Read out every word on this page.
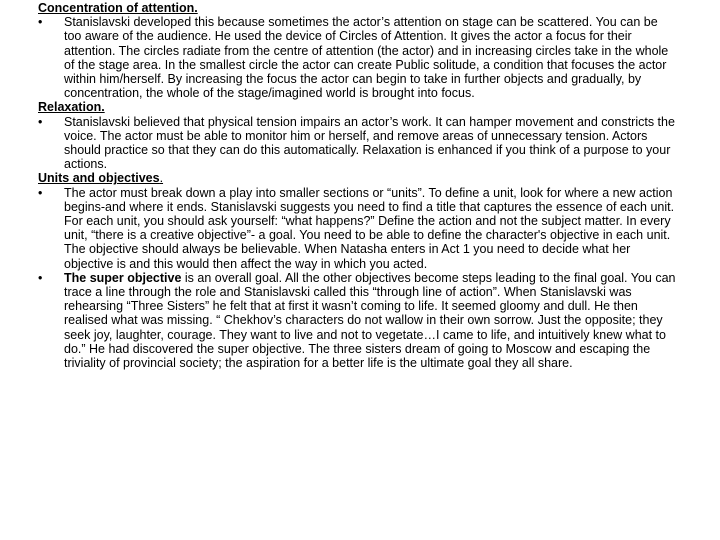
Concentration of attention.

•	Stanislavski developed this because sometimes the actor’s attention on stage can be scattered. You can be too aware of the audience. He used the device of Circles of Attention. It gives the actor a focus for their attention. The circles radiate from the centre of attention (the actor) and in increasing circles take in the whole of the stage area. In the smallest circle the actor can create Public solitude, a condition that focuses the actor within him/herself. By increasing the focus the actor can begin to take in further objects and gradually, by concentration, the whole of the stage/imagined world is brought into focus.

Relaxation.

•	Stanislavski believed that physical tension impairs an actor’s work. It can hamper movement and constricts the voice. The actor must be able to monitor him or herself, and remove areas of unnecessary tension. Actors should practice so that they can do this automatically. Relaxation is enhanced if you think of a purpose to your actions.

Units and objectives.

•	The actor must break down a play into smaller sections or “units”. To define a unit, look for where a new action begins-and where it ends. Stanislavski suggests you need to find a title that captures the essence of each unit. For each unit, you should ask yourself: “what happens?” Define the action and not the subject matter. In every unit, “there is a creative objective”- a goal. You need to be able to define the character's objective in each unit. The objective should always be believable. When Natasha enters in Act 1 you need to decide what her objective is and this would then affect the way in which you acted.
•	The super objective is an overall goal. All the other objectives become steps leading to the final goal. You can trace a line through the role and Stanislavski called this “through line of action”. When Stanislavski was rehearsing “Three Sisters” he felt that at first it wasn’t coming to life. It seemed gloomy and dull. He then realised what was missing. “ Chekhov’s characters do not wallow in their own sorrow. Just the opposite; they seek joy, laughter, courage. They want to live and not to vegetate…I came to life, and intuitively knew what to do.” He had discovered the super objective. The three sisters dream of going to Moscow and escaping the triviality of provincial society; the aspiration for a better life is the ultimate goal they all share.
